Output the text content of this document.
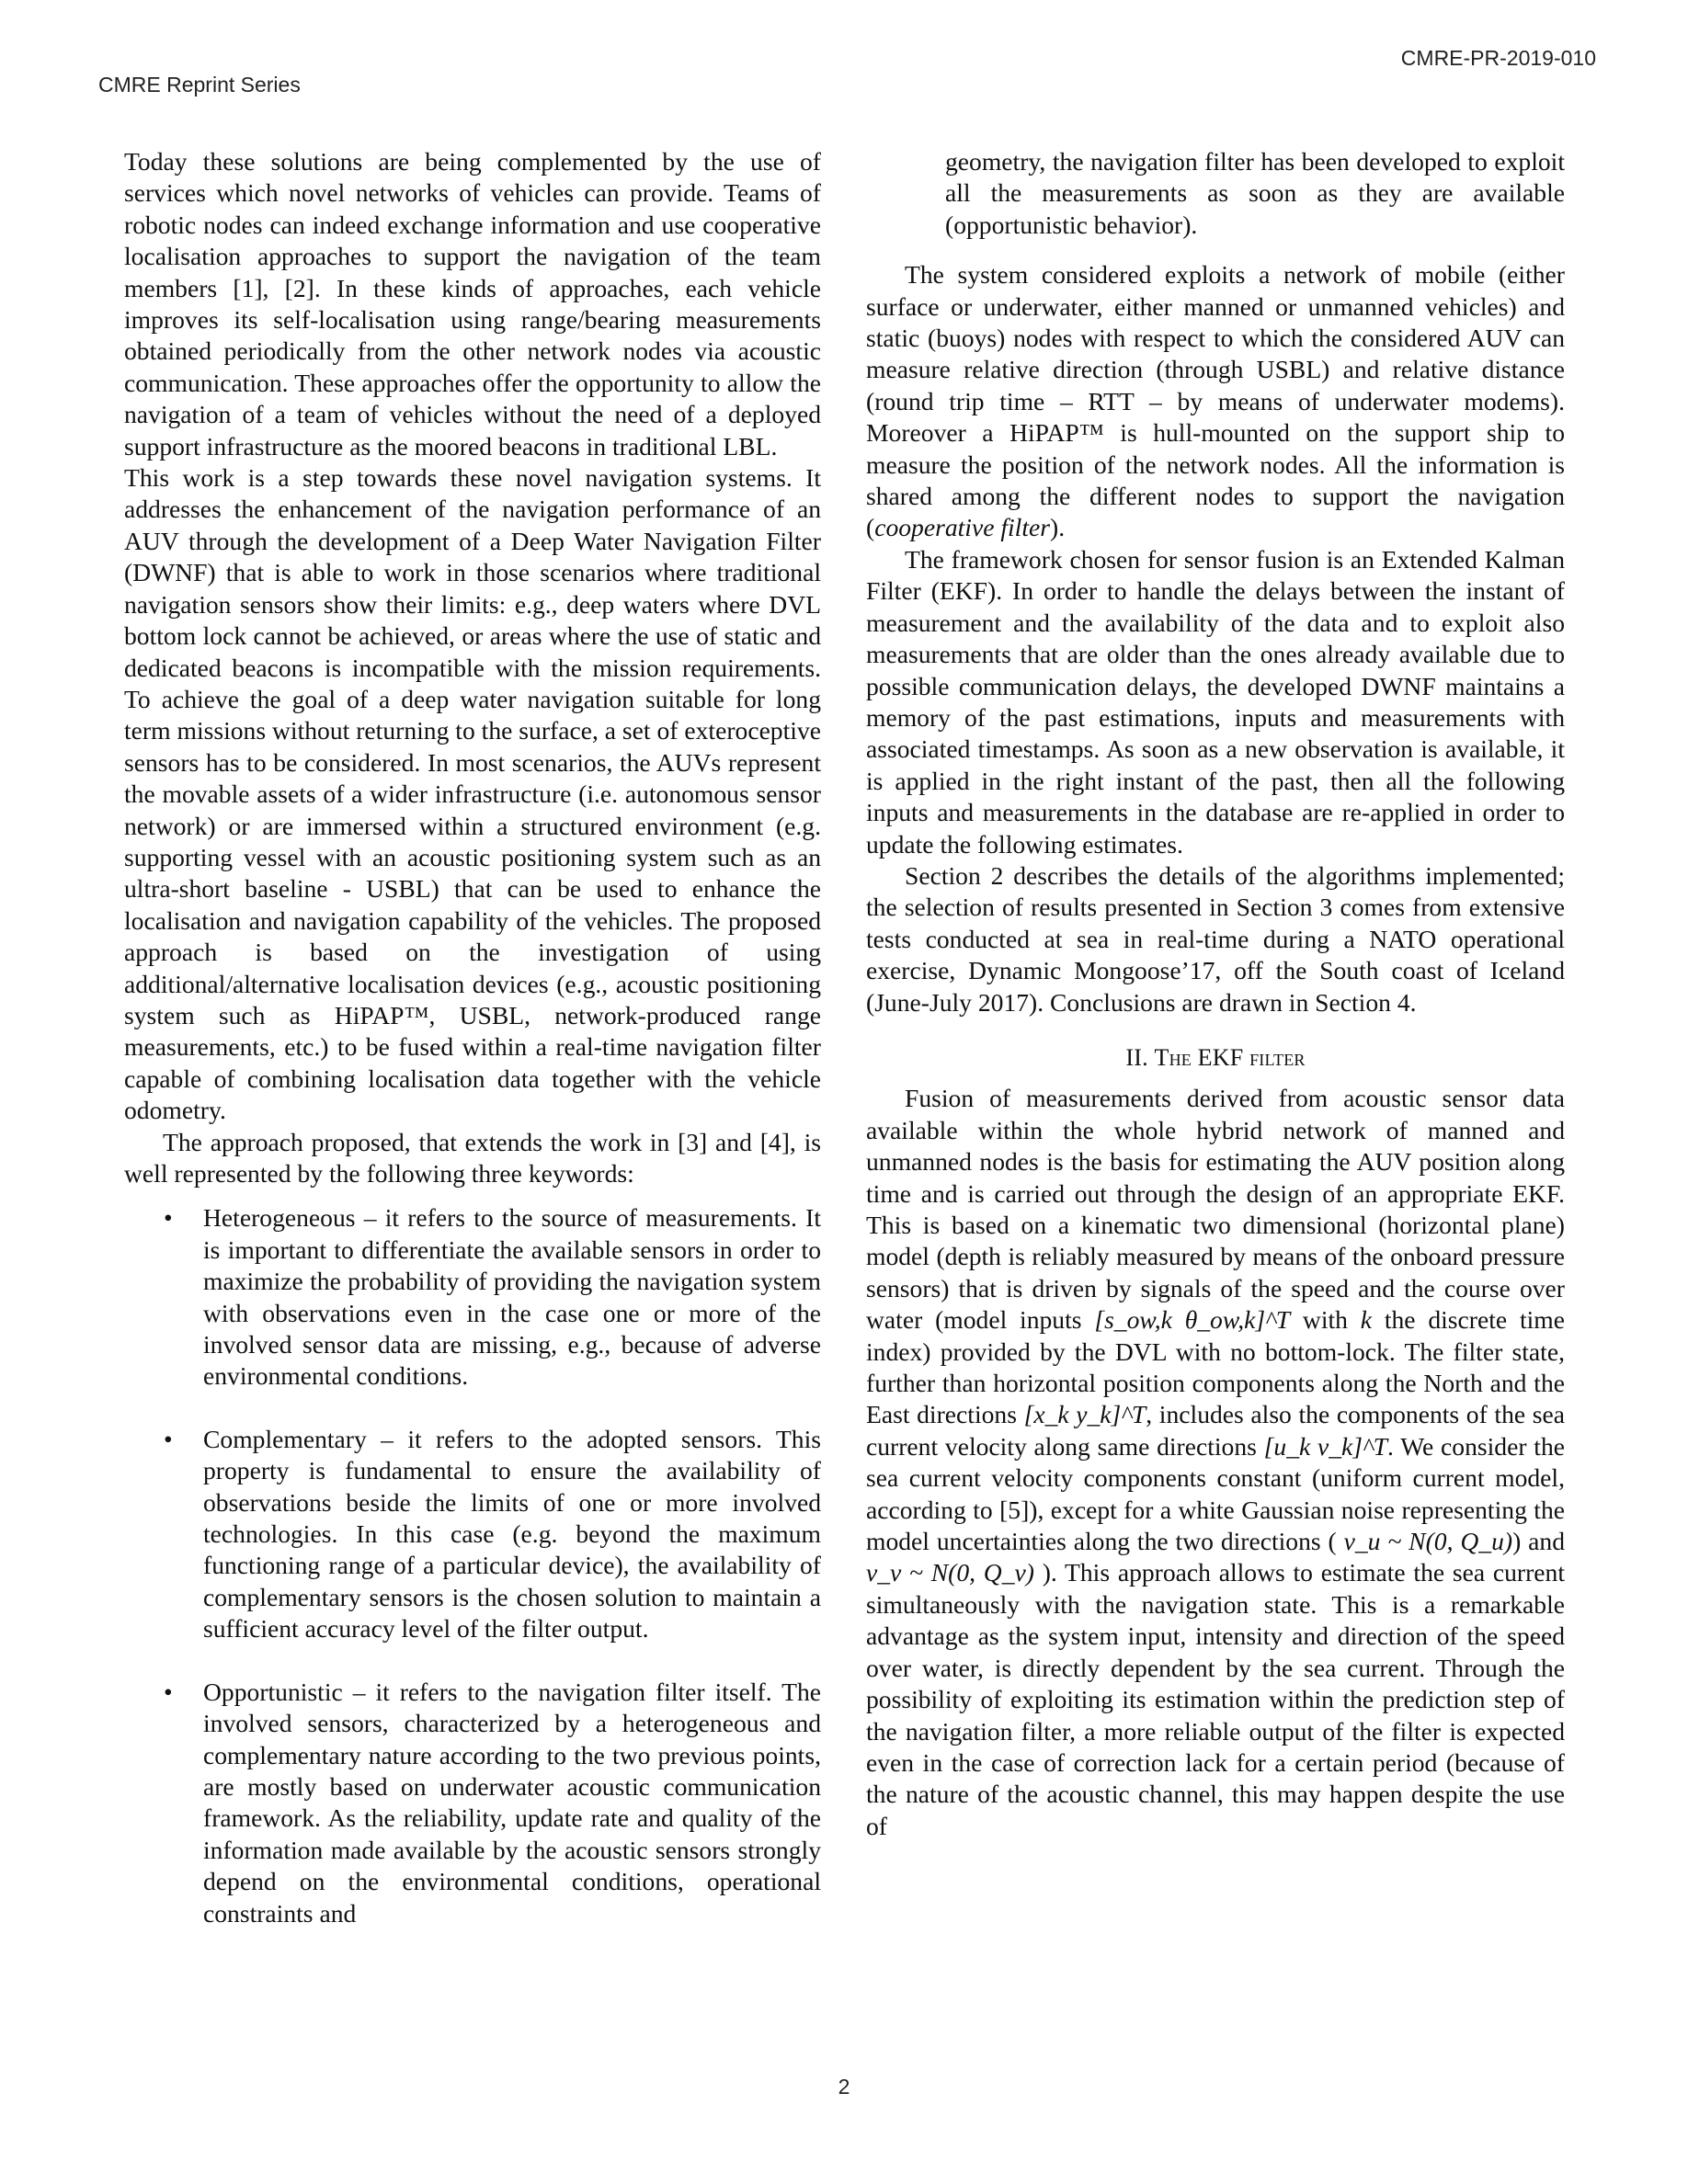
CMRE-PR-2019-010
CMRE Reprint Series

Today these solutions are being complemented by the use of services which novel networks of vehicles can provide. Teams of robotic nodes can indeed exchange information and use cooperative localisation approaches to support the navigation of the team members [1], [2]. In these kinds of approaches, each vehicle improves its self-localisation using range/bearing measurements obtained periodically from the other network nodes via acoustic communication. These approaches offer the opportunity to allow the navigation of a team of vehicles without the need of a deployed support infrastructure as the moored beacons in traditional LBL.

This work is a step towards these novel navigation systems. It addresses the enhancement of the navigation performance of an AUV through the development of a Deep Water Navigation Filter (DWNF) that is able to work in those scenarios where traditional navigation sensors show their limits: e.g., deep waters where DVL bottom lock cannot be achieved, or areas where the use of static and dedicated beacons is incompatible with the mission requirements. To achieve the goal of a deep water navigation suitable for long term missions without returning to the surface, a set of exteroceptive sensors has to be considered. In most scenarios, the AUVs represent the movable assets of a wider infrastructure (i.e. autonomous sensor network) or are immersed within a structured environment (e.g. supporting vessel with an acoustic positioning system such as an ultra-short baseline - USBL) that can be used to enhance the localisation and navigation capability of the vehicles. The proposed approach is based on the investigation of using additional/alternative localisation devices (e.g., acoustic positioning system such as HiPAP™, USBL, network-produced range measurements, etc.) to be fused within a real-time navigation filter capable of combining localisation data together with the vehicle odometry.

The approach proposed, that extends the work in [3] and [4], is well represented by the following three keywords:

• Heterogeneous – it refers to the source of measurements. It is important to differentiate the available sensors in order to maximize the probability of providing the navigation system with observations even in the case one or more of the involved sensor data are missing, e.g., because of adverse environmental conditions.
• Complementary – it refers to the adopted sensors. This property is fundamental to ensure the availability of observations beside the limits of one or more involved technologies. In this case (e.g. beyond the maximum functioning range of a particular device), the availability of complementary sensors is the chosen solution to maintain a sufficient accuracy level of the filter output.
• Opportunistic – it refers to the navigation filter itself. The involved sensors, characterized by a heterogeneous and complementary nature according to the two previous points, are mostly based on underwater acoustic communication framework. As the reliability, update rate and quality of the information made available by the acoustic sensors strongly depend on the environmental conditions, operational constraints and

geometry, the navigation filter has been developed to exploit all the measurements as soon as they are available (opportunistic behavior).

The system considered exploits a network of mobile (either surface or underwater, either manned or unmanned vehicles) and static (buoys) nodes with respect to which the considered AUV can measure relative direction (through USBL) and relative distance (round trip time – RTT – by means of underwater modems). Moreover a HiPAP™ is hull-mounted on the support ship to measure the position of the network nodes. All the information is shared among the different nodes to support the navigation (cooperative filter).

The framework chosen for sensor fusion is an Extended Kalman Filter (EKF). In order to handle the delays between the instant of measurement and the availability of the data and to exploit also measurements that are older than the ones already available due to possible communication delays, the developed DWNF maintains a memory of the past estimations, inputs and measurements with associated timestamps. As soon as a new observation is available, it is applied in the right instant of the past, then all the following inputs and measurements in the database are re-applied in order to update the following estimates.

Section 2 describes the details of the algorithms implemented; the selection of results presented in Section 3 comes from extensive tests conducted at sea in real-time during a NATO operational exercise, Dynamic Mongoose’17, off the South coast of Iceland (June-July 2017). Conclusions are drawn in Section 4.

II. The EKF filter

Fusion of measurements derived from acoustic sensor data available within the whole hybrid network of manned and unmanned nodes is the basis for estimating the AUV position along time and is carried out through the design of an appropriate EKF. This is based on a kinematic two dimensional (horizontal plane) model (depth is reliably measured by means of the onboard pressure sensors) that is driven by signals of the speed and the course over water (model inputs [s_ow,k θ_ow,k]^T with k the discrete time index) provided by the DVL with no bottom-lock. The filter state, further than horizontal position components along the North and the East directions [x_k y_k]^T, includes also the components of the sea current velocity along same directions [u_k v_k]^T. We consider the sea current velocity components constant (uniform current model, according to [5]), except for a white Gaussian noise representing the model uncertainties along the two directions ( ν_u ~ N(0, Q_u)) and ν_v ~ N(0, Q_v) ). This approach allows to estimate the sea current simultaneously with the navigation state. This is a remarkable advantage as the system input, intensity and direction of the speed over water, is directly dependent by the sea current. Through the possibility of exploiting its estimation within the prediction step of the navigation filter, a more reliable output of the filter is expected even in the case of correction lack for a certain period (because of the nature of the acoustic channel, this may happen despite the use of

2
